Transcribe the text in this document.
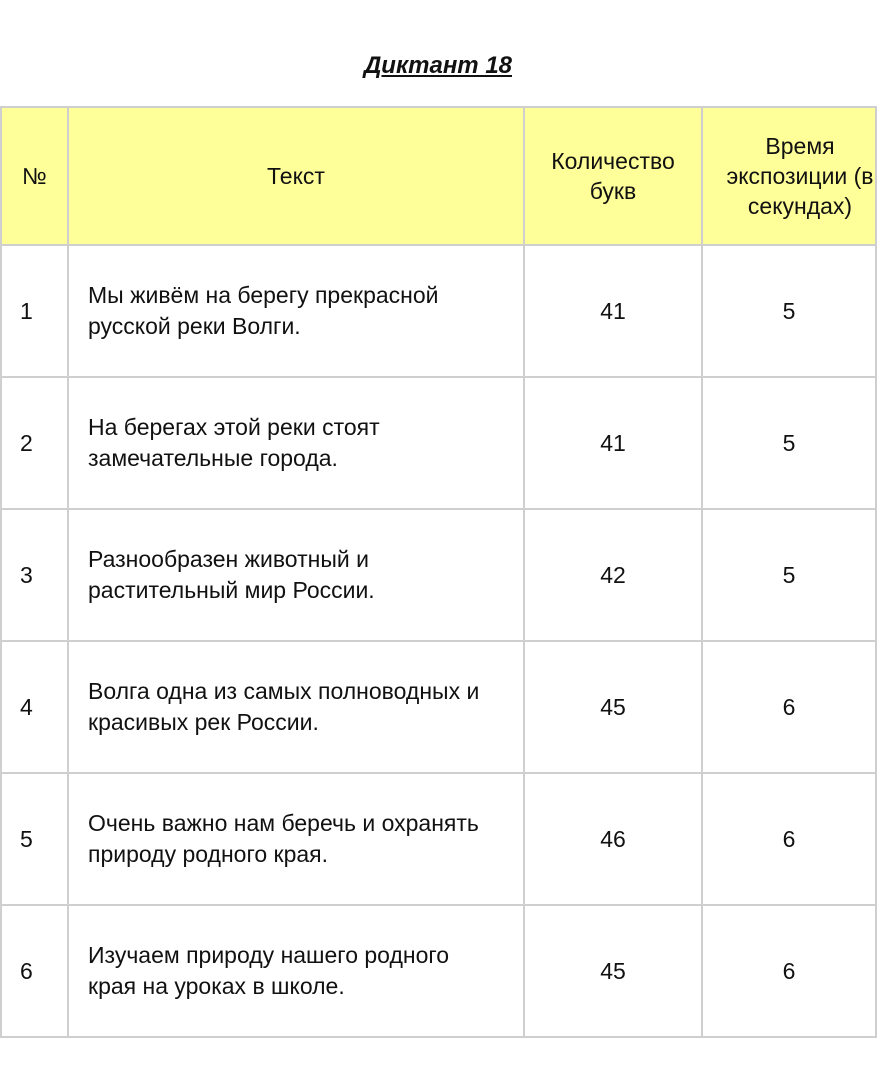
Диктант 18
№	Текст	Количество букв	Время экспозиции (в секундах)
1	Мы живём на берегу прекрасной русской реки Волги.	41	5
2	На берегах этой реки стоят замечательные города.	41	5
3	Разнообразен животный и растительный мир России.	42	5
4	Волга одна из самых полноводных и красивых рек России.	45	6
5	Очень важно нам беречь и охранять природу родного края.	46	6
6	Изучаем природу нашего родного края на уроках в школе.	45	6
